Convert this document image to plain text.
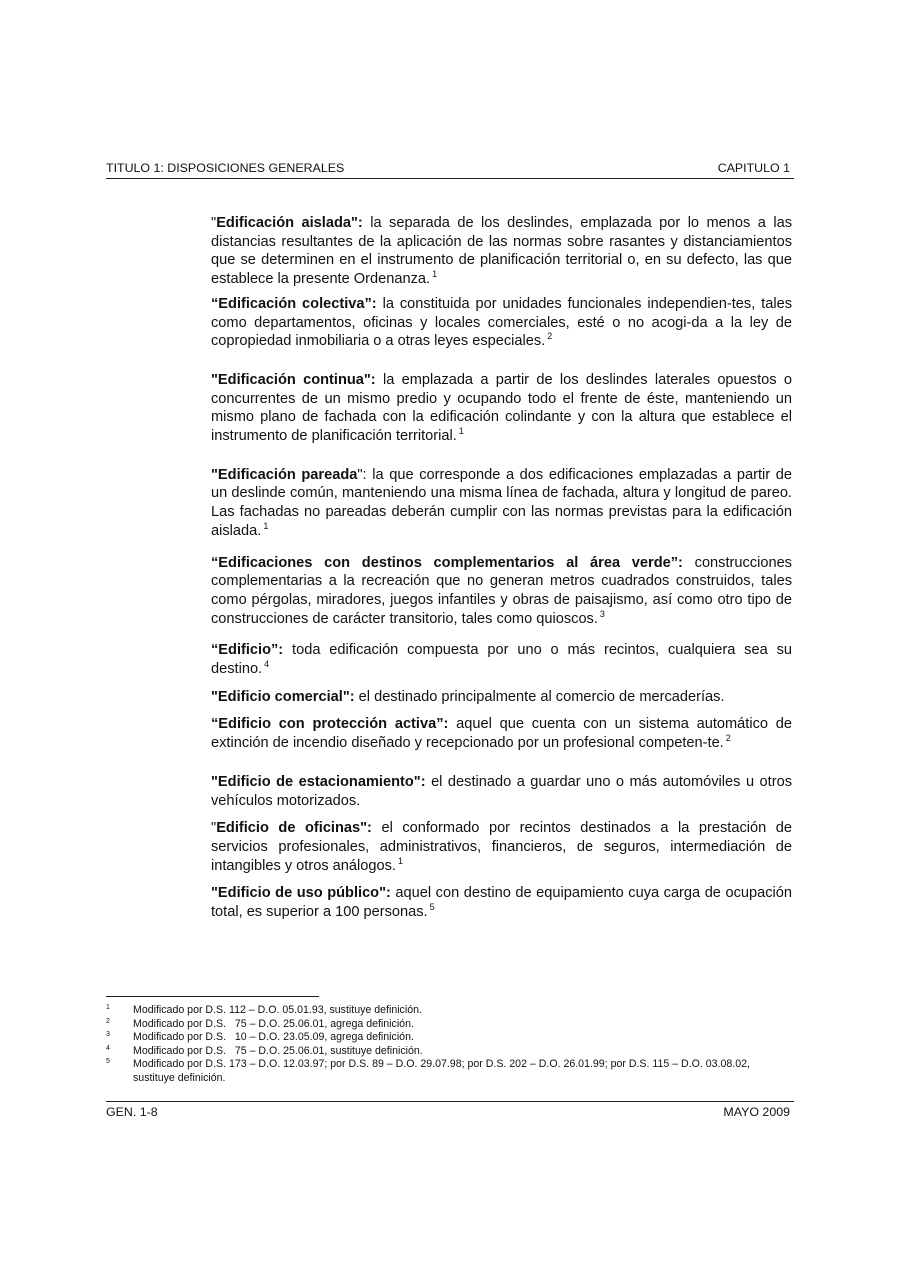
TITULO 1: DISPOSICIONES GENERALES	CAPITULO 1

"Edificación aislada": la separada de los deslindes, emplazada por lo menos a las distancias resultantes de la aplicación de las normas sobre rasantes y distanciamientos que se determinen en el instrumento de planificación territorial o, en su defecto, las que establece la presente Ordenanza. $^1$

“Edificación colectiva”: la constituida por unidades funcionales independien-tes, tales como departamentos, oficinas y locales comerciales, esté o no acogi-da a la ley de copropiedad inmobiliaria o a otras leyes especiales. $^2$

"Edificación continua": la emplazada a partir de los deslindes laterales opuestos o concurrentes de un mismo predio y ocupando todo el frente de éste, manteniendo un mismo plano de fachada con la edificación colindante y con la altura que establece el instrumento de planificación territorial. $^1$

"Edificación pareada": la que corresponde a dos edificaciones emplazadas a partir de un deslinde común, manteniendo una misma línea de fachada, altura y longitud de pareo. Las fachadas no pareadas deberán cumplir con las normas previstas para la edificación aislada. $^1$

“Edificaciones con destinos complementarios al área verde”: construcciones complementarias a la recreación que no generan metros cuadrados construidos, tales como pérgolas, miradores, juegos infantiles y obras de paisajismo, así como otro tipo de construcciones de carácter transitorio, tales como quioscos. $^3$

“Edificio”: toda edificación compuesta por uno o más recintos, cualquiera sea su destino. $^4$

"Edificio comercial": el destinado principalmente al comercio de mercaderías.

“Edificio con protección activa”: aquel que cuenta con un sistema automático de extinción de incendio diseñado y recepcionado por un profesional competen-te. $^2$

"Edificio de estacionamiento": el destinado a guardar uno o más automóviles u otros vehículos motorizados.

"Edificio de oficinas": el conformado por recintos destinados a la prestación de servicios profesionales, administrativos, financieros, de seguros, intermediación de intangibles y otros análogos. $^1$

"Edificio de uso público": aquel con destino de equipamiento cuya carga de ocupación total, es superior a 100 personas. $^5$

1 Modificado por D.S. 112 – D.O. 05.01.93, sustituye definición.
2 Modificado por D.S.   75 – D.O. 25.06.01, agrega definición.
3 Modificado por D.S.   10 – D.O. 23.05.09, agrega definición.
4 Modificado por D.S.   75 – D.O. 25.06.01, sustituye definición.
5 Modificado por D.S. 173 – D.O. 12.03.97; por D.S. 89 – D.O. 29.07.98; por D.S. 202 – D.O. 26.01.99; por D.S. 115 – D.O. 03.08.02, sustituye definición.
GEN. 1-8	MAYO 2009
